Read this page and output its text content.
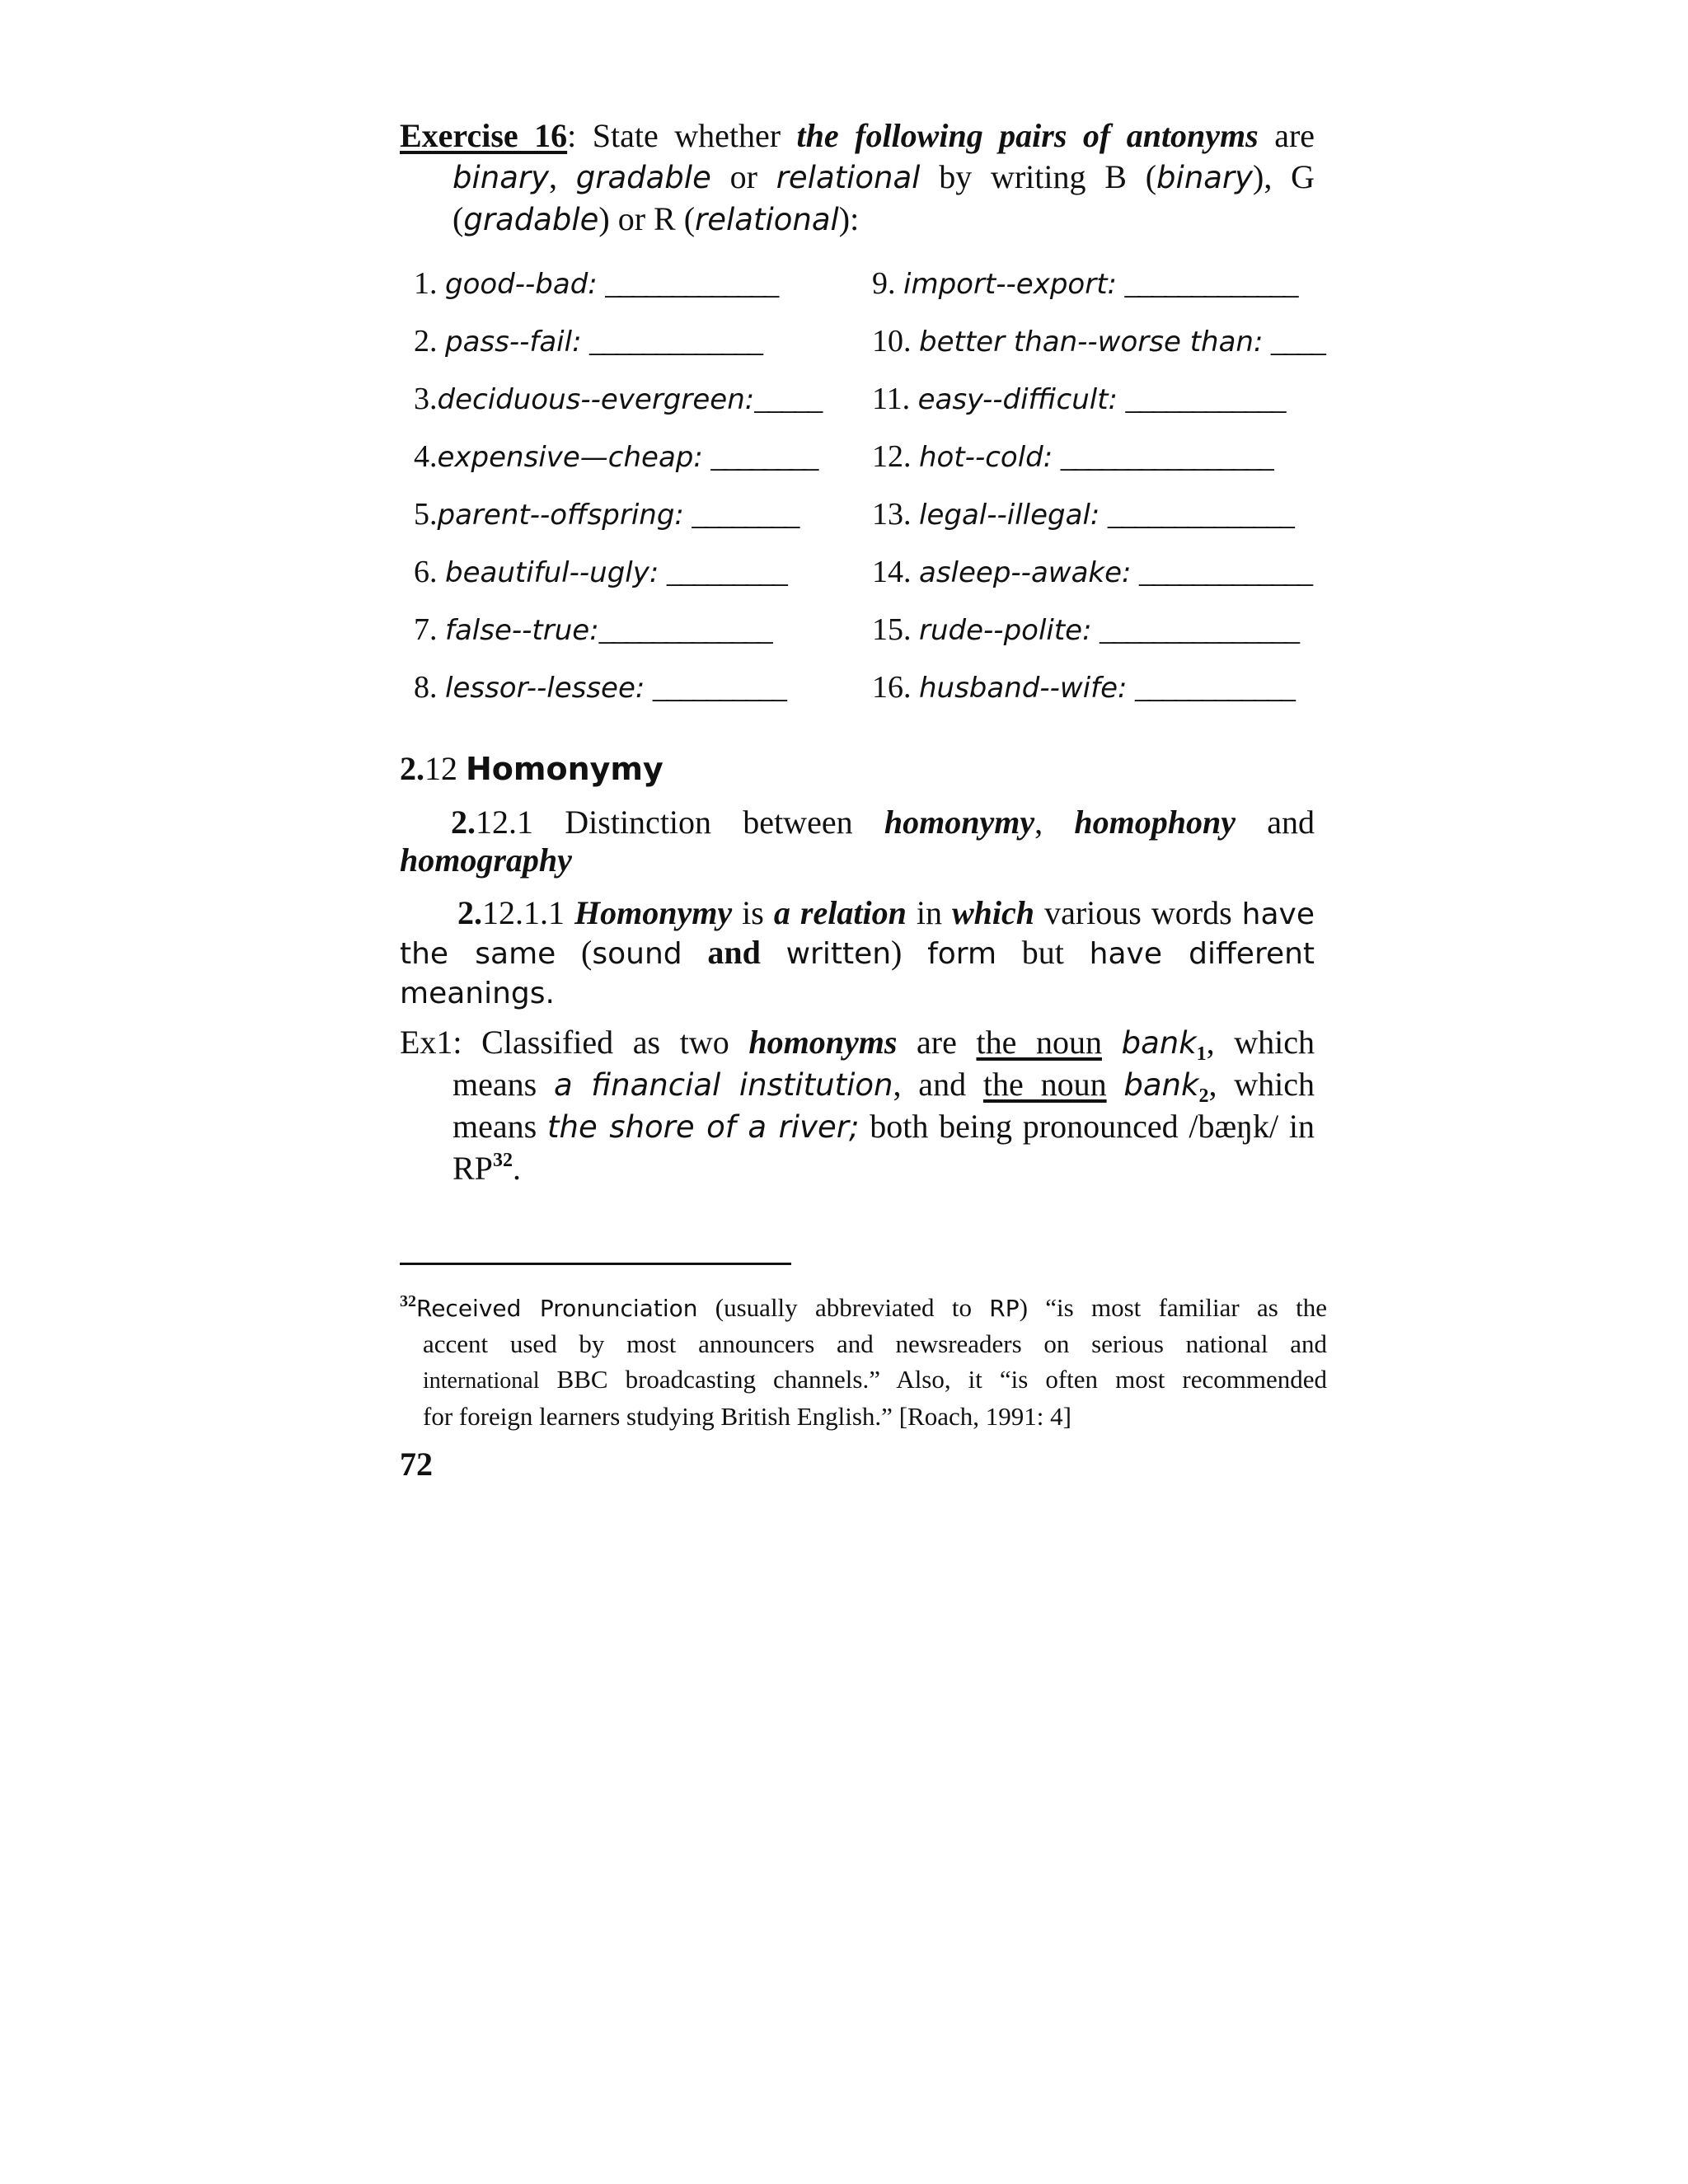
Exercise 16: State whether the following pairs of antonyms are
binary, gradable or relational by writing B (binary), G
(gradable) or R (relational):
1. good--bad: _____________
2. pass--fail: _____________
3.deciduous--evergreen:_____
4.expensive—cheap: ________
5.parent--offspring: ________
6. beautiful--ugly: _________
7. false--true:_____________
8. lessor--lessee: __________
9. import--export: _____________
10. better than--worse than: ____
11. easy--difficult: ____________
12. hot--cold: ________________
13. legal--illegal: ______________
14. asleep--awake: _____________
15. rude--polite: _______________
16. husband--wife: ____________
2.12 Homonymy
2.12.1 Distinction between homonymy, homophony and
homography
2.12.1.1 Homonymy is a relation in which various words have
the same (sound and written) form but have different
meanings.
Ex1: Classified as two homonyms are the noun bank$_1$, which
means a financial institution, and the noun bank$_2$, which
means the shore of a river; both being pronounced /bæŋk/ in
RP$^{32}$.
$^{32}$Received Pronunciation (usually abbreviated to RP) “is most familiar as the
accent used by most announcers and newsreaders on serious national and
international BBC broadcasting channels.” Also, it “is often most recommended
for foreign learners studying British English.” [Roach, 1991: 4]
72
